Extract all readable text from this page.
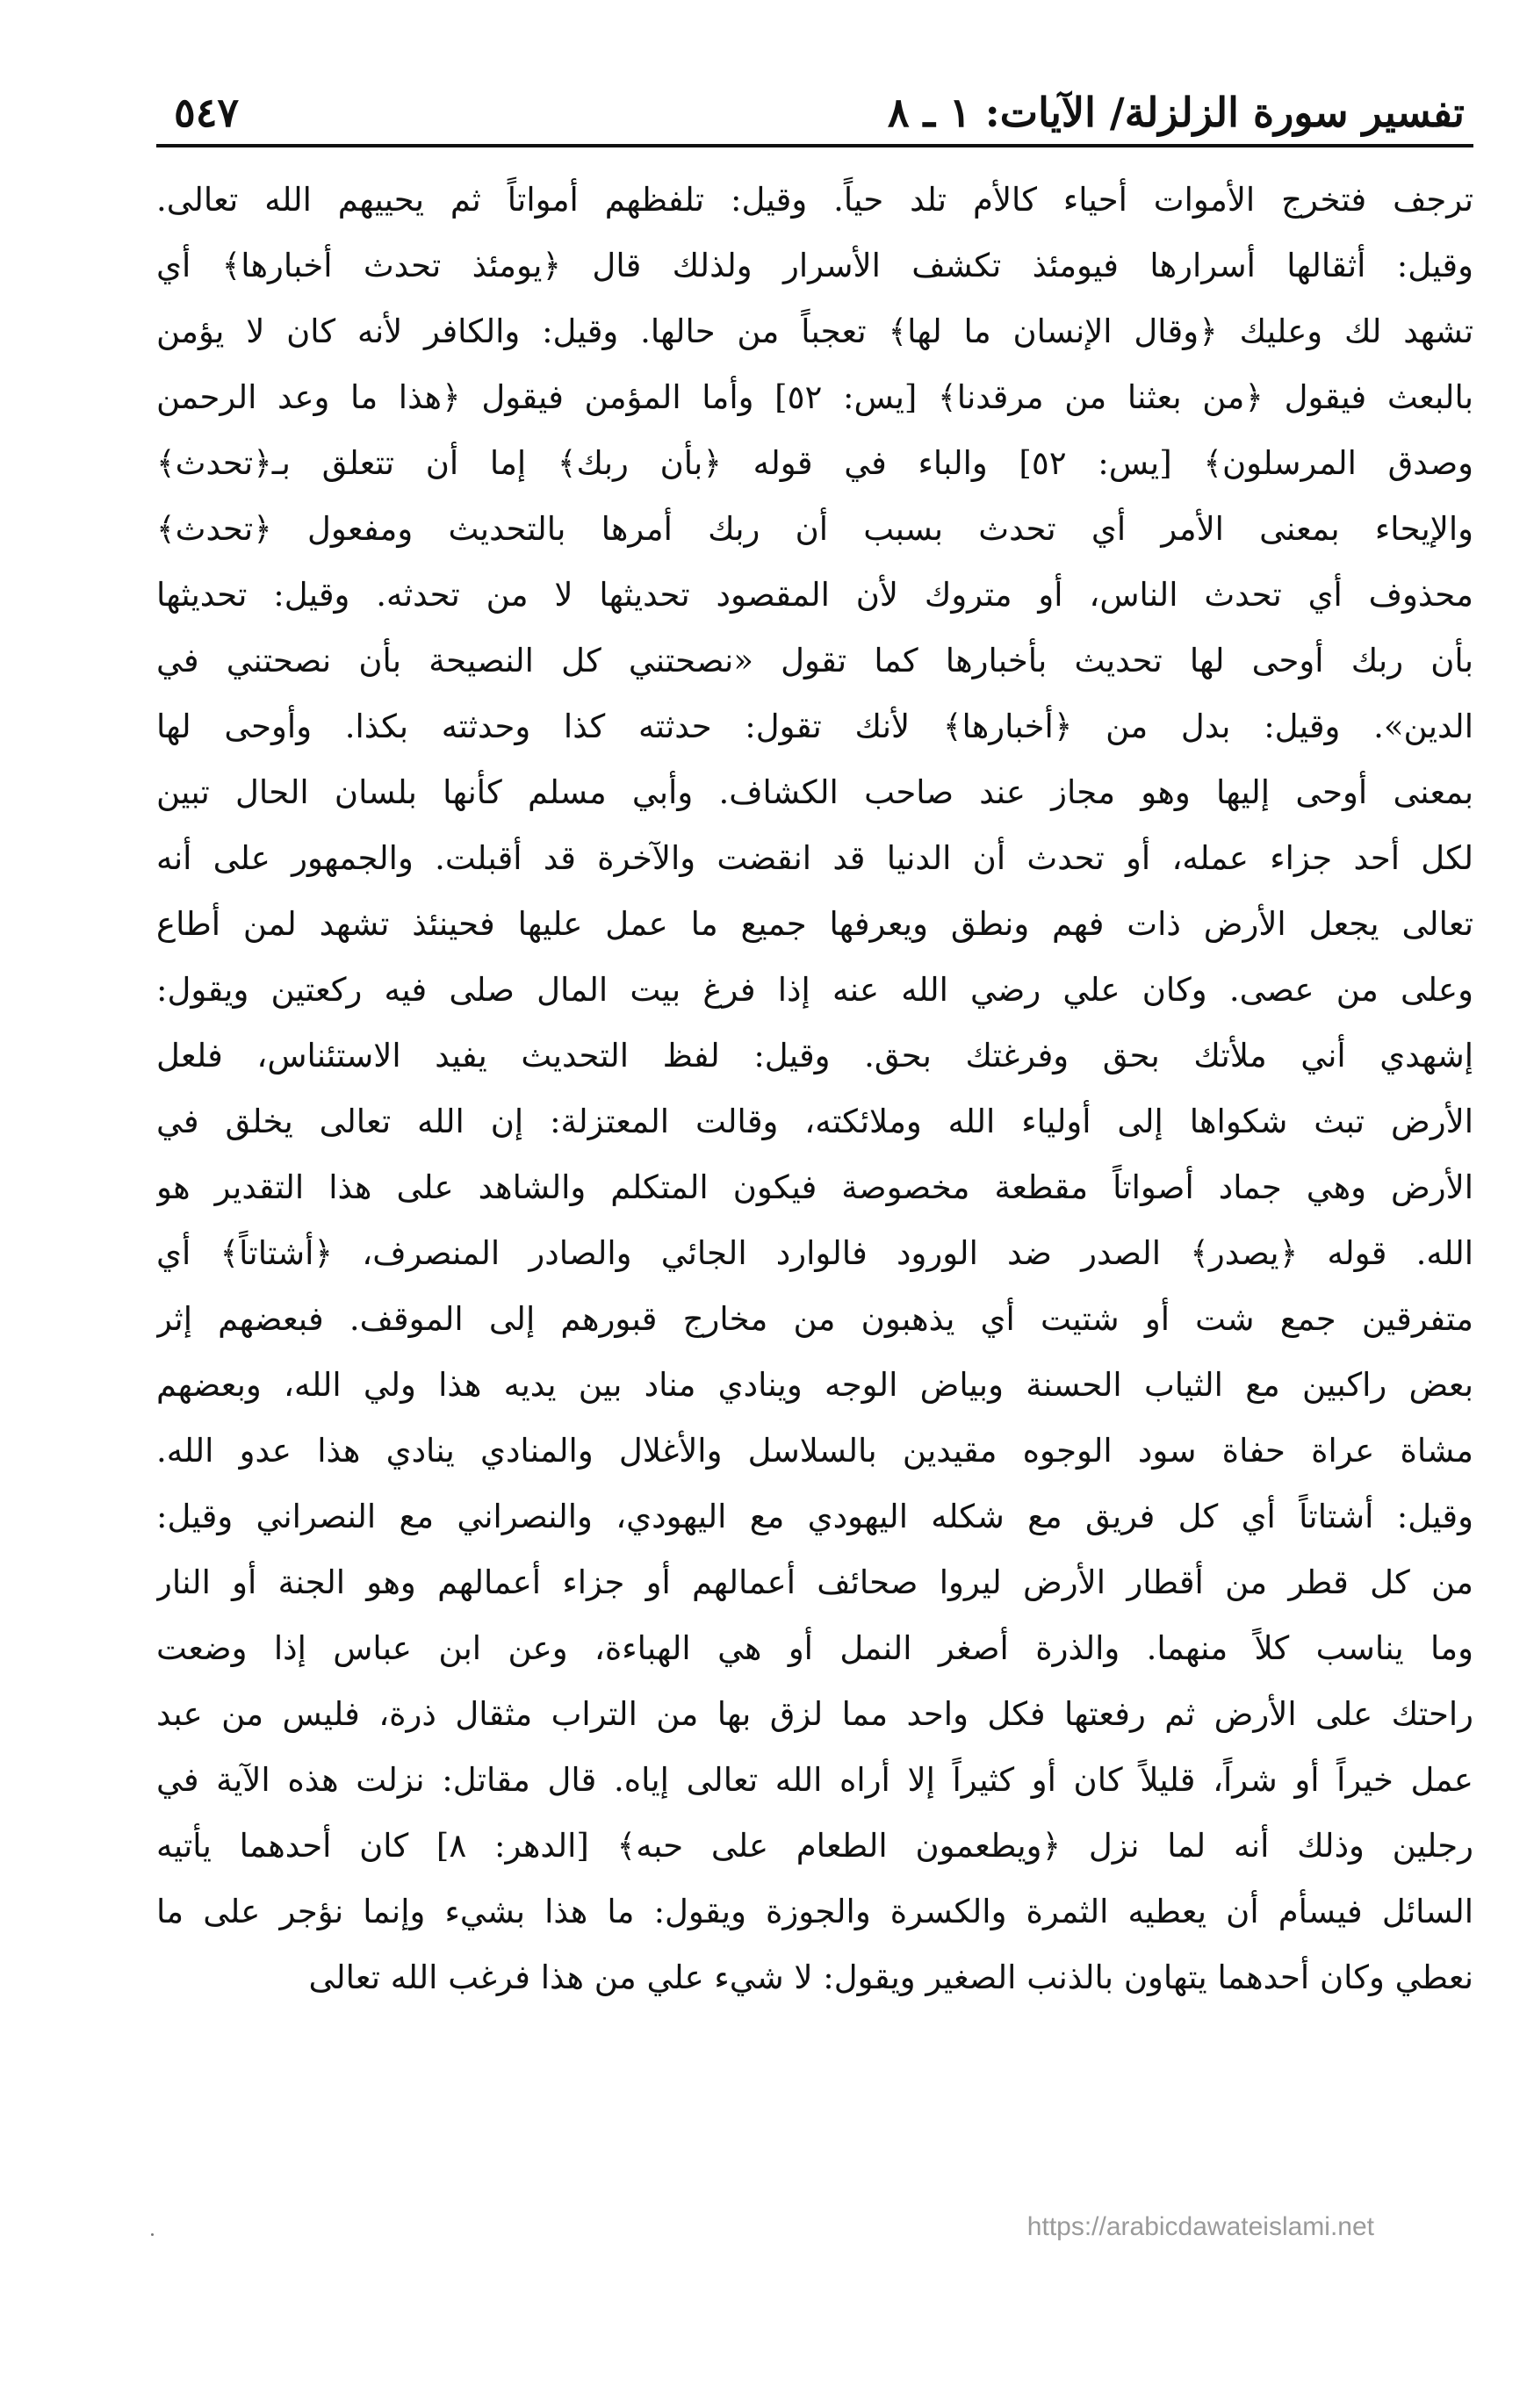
تفسير سورة الزلزلة/ الآيات: ١ ـ ٨
٥٤٧
ترجف فتخرج الأموات أحياء كالأم تلد حياً. وقيل: تلفظهم أمواتاً ثم يحييهم الله تعالى.
وقيل: أثقالها أسرارها فيومئذ تكشف الأسرار ولذلك قال ﴿يومئذ تحدث أخبارها﴾ أي
تشهد لك وعليك ﴿وقال الإنسان ما لها﴾ تعجباً من حالها. وقيل: والكافر لأنه كان لا يؤمن
بالبعث فيقول ﴿من بعثنا من مرقدنا﴾ [يس: ٥٢] وأما المؤمن فيقول ﴿هذا ما وعد الرحمن
وصدق المرسلون﴾ [يس: ٥٢] والباء في قوله ﴿بأن ربك﴾ إما أن تتعلق بـ﴿تحدث﴾
والإيحاء بمعنى الأمر أي تحدث بسبب أن ربك أمرها بالتحديث ومفعول ﴿تحدث﴾
محذوف أي تحدث الناس، أو متروك لأن المقصود تحديثها لا من تحدثه. وقيل: تحديثها
بأن ربك أوحى لها تحديث بأخبارها كما تقول «نصحتني كل النصيحة بأن نصحتني في
الدين». وقيل: بدل من ﴿أخبارها﴾ لأنك تقول: حدثته كذا وحدثته بكذا. وأوحى لها
بمعنى أوحى إليها وهو مجاز عند صاحب الكشاف. وأبي مسلم كأنها بلسان الحال تبين
لكل أحد جزاء عمله، أو تحدث أن الدنيا قد انقضت والآخرة قد أقبلت. والجمهور على أنه
تعالى يجعل الأرض ذات فهم ونطق ويعرفها جميع ما عمل عليها فحينئذ تشهد لمن أطاع
وعلى من عصى. وكان علي رضي الله عنه إذا فرغ بيت المال صلى فيه ركعتين ويقول:
إشهدي أني ملأتك بحق وفرغتك بحق. وقيل: لفظ التحديث يفيد الاستئناس، فلعل
الأرض تبث شكواها إلى أولياء الله وملائكته، وقالت المعتزلة: إن الله تعالى يخلق في
الأرض وهي جماد أصواتاً مقطعة مخصوصة فيكون المتكلم والشاهد على هذا التقدير هو
الله. قوله ﴿يصدر﴾ الصدر ضد الورود فالوارد الجائي والصادر المنصرف، ﴿أشتاتاً﴾ أي
متفرقين جمع شت أو شتيت أي يذهبون من مخارج قبورهم إلى الموقف. فبعضهم إثر
بعض راكبين مع الثياب الحسنة وبياض الوجه وينادي مناد بين يديه هذا ولي الله، وبعضهم
مشاة عراة حفاة سود الوجوه مقيدين بالسلاسل والأغلال والمنادي ينادي هذا عدو الله.
وقيل: أشتاتاً أي كل فريق مع شكله اليهودي مع اليهودي، والنصراني مع النصراني وقيل:
من كل قطر من أقطار الأرض ليروا صحائف أعمالهم أو جزاء أعمالهم وهو الجنة أو النار
وما يناسب كلاً منهما. والذرة أصغر النمل أو هي الهباءة، وعن ابن عباس إذا وضعت
راحتك على الأرض ثم رفعتها فكل واحد مما لزق بها من التراب مثقال ذرة، فليس من عبد
عمل خيراً أو شراً، قليلاً كان أو كثيراً إلا أراه الله تعالى إياه. قال مقاتل: نزلت هذه الآية في
رجلين وذلك أنه لما نزل ﴿ويطعمون الطعام على حبه﴾ [الدهر: ٨] كان أحدهما يأتيه
السائل فيسأم أن يعطيه الثمرة والكسرة والجوزة ويقول: ما هذا بشيء وإنما نؤجر على ما
نعطي وكان أحدهما يتهاون بالذنب الصغير ويقول: لا شيء علي من هذا فرغب الله تعالى
https://arabicdawateislami.net
